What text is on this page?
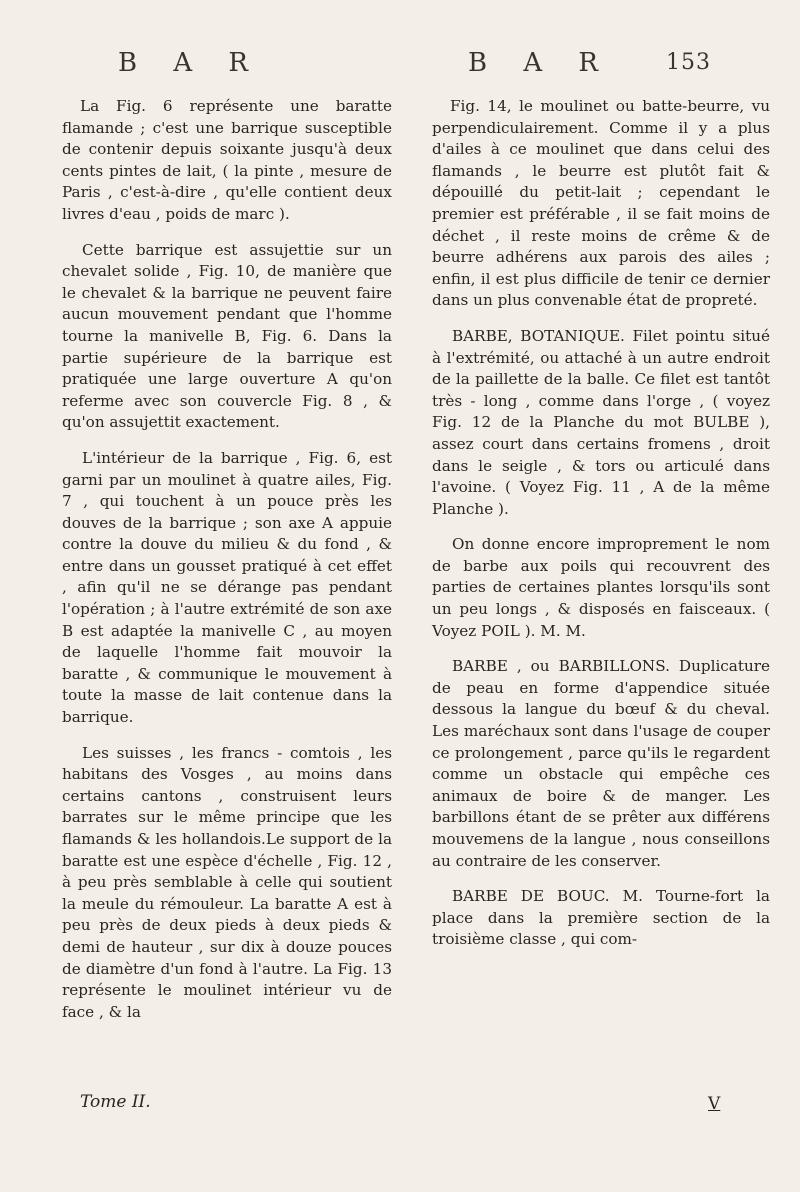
B A R	B A R 153

La Fig. 6 représente une baratte flamande ; c'est une barrique susceptible de contenir depuis soixante jusqu'à deux cents pintes de lait, ( la pinte , mesure de Paris , c'est-à-dire , qu'elle contient deux livres d'eau , poids de marc ).

Cette barrique est assujettie sur un chevalet solide , Fig. 10, de manière que le chevalet & la barrique ne peuvent faire aucun mouvement pendant que l'homme tourne la manivelle B, Fig. 6. Dans la partie supérieure de la barrique est pratiquée une large ouverture A qu'on referme avec son couvercle Fig. 8 , & qu'on assujettit exactement.

L'intérieur de la barrique , Fig. 6, est garni par un moulinet à quatre ailes, Fig. 7 , qui touchent à un pouce près les douves de la barrique ; son axe A appuie contre la douve du milieu & du fond , & entre dans un gousset pratiqué à cet effet , afin qu'il ne se dérange pas pendant l'opération ; à l'autre extrémité de son axe B est adaptée la manivelle C , au moyen de laquelle l'homme fait mouvoir la baratte , & communique le mouvement à toute la masse de lait contenue dans la barrique.

Les suisses , les francs - comtois , les habitans des Vosges , au moins dans certains cantons , construisent leurs barrates sur le même principe que les flamands & les hollandois.Le support de la baratte est une espèce d'échelle , Fig. 12 , à peu près semblable à celle qui soutient la meule du rémouleur. La baratte A est à peu près de deux pieds à deux pieds & demi de hauteur , sur dix à douze pouces de diamètre d'un fond à l'autre. La Fig. 13 représente le moulinet intérieur vu de face , & la

Fig. 14, le moulinet ou batte-beurre, vu perpendiculairement. Comme il y a plus d'ailes à ce moulinet que dans celui des flamands , le beurre est plutôt fait & dépouillé du petit-lait ; cependant le premier est préférable , il se fait moins de déchet , il reste moins de crême & de beurre adhérens aux parois des ailes ; enfin, il est plus difficile de tenir ce dernier dans un plus convenable état de propreté.

BARBE, BOTANIQUE. Filet pointu situé à l'extrémité, ou attaché à un autre endroit de la paillette de la balle. Ce filet est tantôt très - long , comme dans l'orge , ( voyez Fig. 12 de la Planche du mot BULBE ), assez court dans certains fromens , droit dans le seigle , & tors ou articulé dans l'avoine. ( Voyez Fig. 11 , A de la même Planche ).

On donne encore improprement le nom de barbe aux poils qui recouvrent des parties de certaines plantes lorsqu'ils sont un peu longs , & disposés en faisceaux. ( Voyez POIL ). M. M.

BARBE , ou BARBILLONS. Duplicature de peau en forme d'appendice située dessous la langue du bœuf & du cheval. Les maréchaux sont dans l'usage de couper ce prolongement , parce qu'ils le regardent comme un obstacle qui empêche ces animaux de boire & de manger. Les barbillons étant de se prêter aux différens mouvemens de la langue , nous conseillons au contraire de les conserver.

BARBE DE BOUC. M. Tourne-fort la place dans la première section de la troisième classe , qui com-

Tome II.	V
